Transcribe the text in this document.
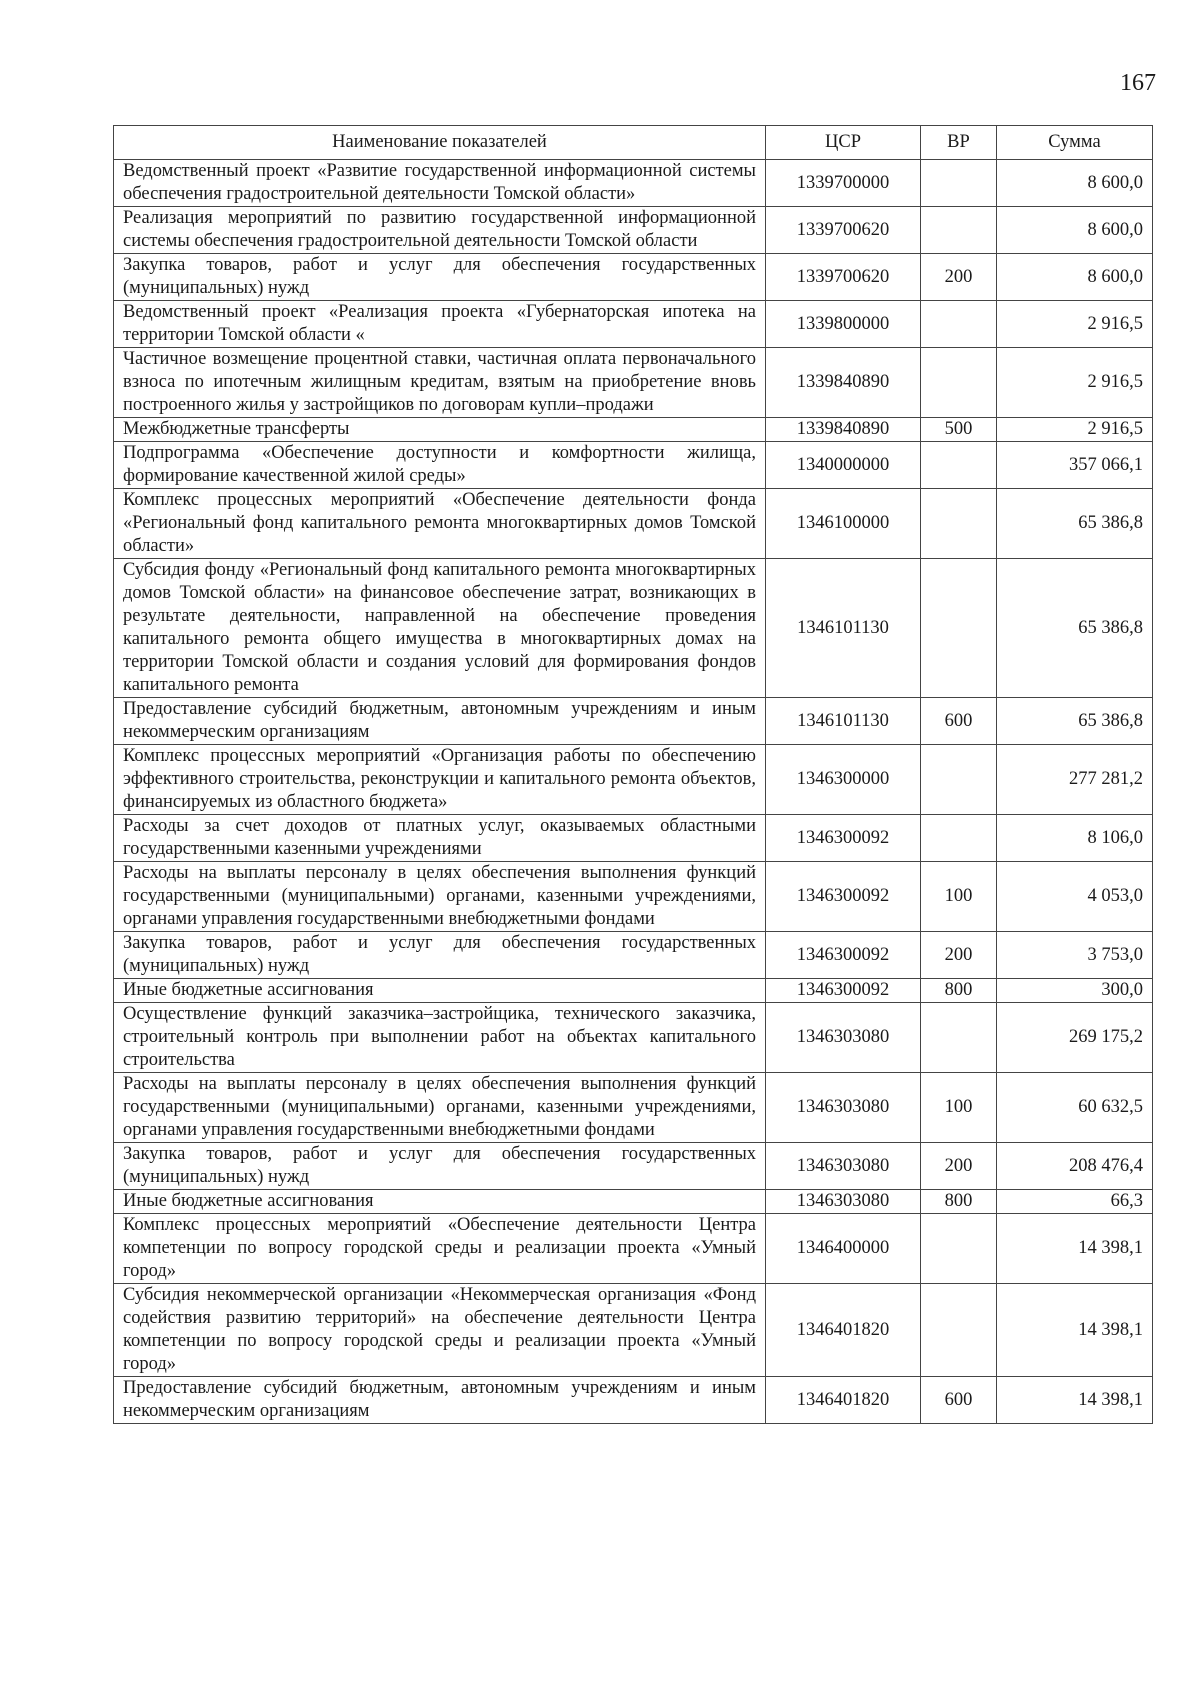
167
Наименование показателей	ЦСР	ВР	Сумма
Ведомственный проект «Развитие государственной информационной системы обеспечения градостроительной деятельности Томской области»	1339700000		8 600,0
Реализация мероприятий по развитию государственной информационной системы обеспечения градостроительной деятельности Томской области	1339700620		8 600,0
Закупка товаров, работ и услуг для обеспечения государственных (муниципальных) нужд	1339700620	200	8 600,0
Ведомственный проект «Реализация проекта «Губернаторская ипотека на территории Томской области «	1339800000		2 916,5
Частичное возмещение процентной ставки, частичная оплата первоначального взноса по ипотечным жилищным кредитам, взятым на приобретение вновь построенного жилья у застройщиков по договорам купли–продажи	1339840890		2 916,5
Межбюджетные трансферты	1339840890	500	2 916,5
Подпрограмма «Обеспечение доступности и комфортности жилища, формирование качественной жилой среды»	1340000000		357 066,1
Комплекс процессных мероприятий «Обеспечение деятельности фонда «Региональный фонд капитального ремонта многоквартирных домов Томской области»	1346100000		65 386,8
Субсидия фонду «Региональный фонд капитального ремонта многоквартирных домов Томской области» на финансовое обеспечение затрат, возникающих в результате деятельности, направленной на обеспечение проведения капитального ремонта общего имущества в многоквартирных домах на территории Томской области и создания условий для формирования фондов капитального ремонта	1346101130		65 386,8
Предоставление субсидий бюджетным, автономным учреждениям и иным некоммерческим организациям	1346101130	600	65 386,8
Комплекс процессных мероприятий «Организация работы по обеспечению эффективного строительства, реконструкции и капитального ремонта объектов, финансируемых из областного бюджета»	1346300000		277 281,2
Расходы за счет доходов от платных услуг, оказываемых областными государственными казенными учреждениями	1346300092		8 106,0
Расходы на выплаты персоналу в целях обеспечения выполнения функций государственными (муниципальными) органами, казенными учреждениями, органами управления государственными внебюджетными фондами	1346300092	100	4 053,0
Закупка товаров, работ и услуг для обеспечения государственных (муниципальных) нужд	1346300092	200	3 753,0
Иные бюджетные ассигнования	1346300092	800	300,0
Осуществление функций заказчика–застройщика, технического заказчика, строительный контроль при выполнении работ на объектах капитального строительства	1346303080		269 175,2
Расходы на выплаты персоналу в целях обеспечения выполнения функций государственными (муниципальными) органами, казенными учреждениями, органами управления государственными внебюджетными фондами	1346303080	100	60 632,5
Закупка товаров, работ и услуг для обеспечения государственных (муниципальных) нужд	1346303080	200	208 476,4
Иные бюджетные ассигнования	1346303080	800	66,3
Комплекс процессных мероприятий «Обеспечение деятельности Центра компетенции по вопросу городской среды и реализации проекта «Умный город»	1346400000		14 398,1
Субсидия некоммерческой организации «Некоммерческая организация «Фонд содействия развитию территорий» на обеспечение деятельности Центра компетенции по вопросу городской среды и реализации проекта «Умный город»	1346401820		14 398,1
Предоставление субсидий бюджетным, автономным учреждениям и иным некоммерческим организациям	1346401820	600	14 398,1
